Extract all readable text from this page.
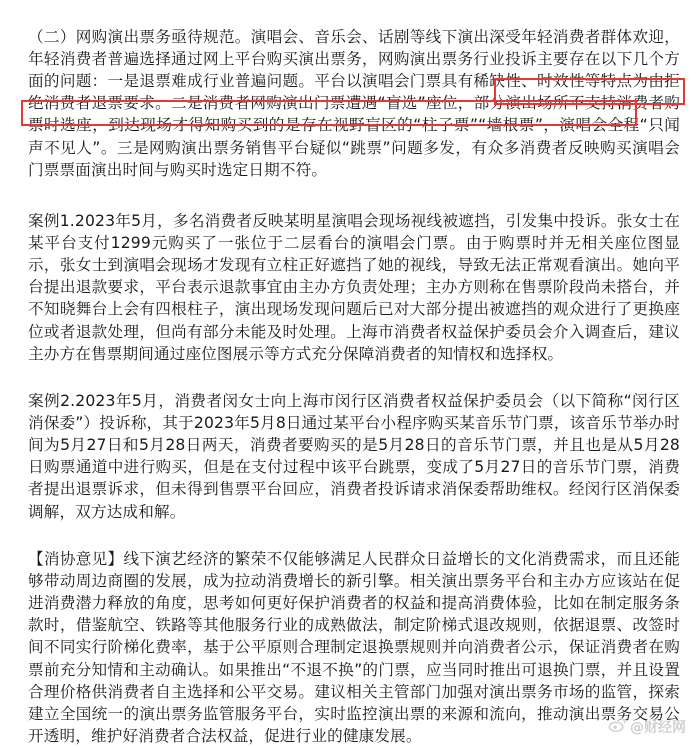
（二）网购演出票务亟待规范。演唱会、音乐会、话剧等线下演出深受年轻消费者群体欢迎，年轻消费者普遍选择通过网上平台购买演出票务，网购演出票务行业投诉主要存在以下几个方面的问题：一是退票难成行业普遍问题。平台以演唱会门票具有稀缺性、时效性等特点为由拒绝消费者退票要求。二是消费者网购演出门票遭遇“盲选”座位，部分演出场所不支持消费者购票时选座，到达现场才得知购买到的是存在视野盲区的“柱子票”“墙根票”，演唱会全程“只闻声不见人”。三是网购演出票务销售平台疑似“跳票”问题多发，有众多消费者反映购买演唱会门票票面演出时间与购买时选定日期不符。

案例1.2023年5月，多名消费者反映某明星演唱会现场视线被遮挡，引发集中投诉。张女士在某平台支付1299元购买了一张位于二层看台的演唱会门票。由于购票时并无相关座位图显示，张女士到演唱会现场才发现有立柱正好遮挡了她的视线，导致无法正常观看演出。她向平台提出退款要求，平台表示退款事宜由主办方负责处理；主办方则称在售票阶段尚未搭台，并不知晓舞台上会有四根柱子，演出现场发现问题后已对大部分提出被遮挡的观众进行了更换座位或者退款处理，但尚有部分未能及时处理。上海市消费者权益保护委员会介入调查后，建议主办方在售票期间通过座位图展示等方式充分保障消费者的知情权和选择权。

案例2.2023年5月，消费者闵女士向上海市闵行区消费者权益保护委员会（以下简称“闵行区消保委”）投诉称，其于2023年5月8日通过某平台小程序购买某音乐节门票，该音乐节举办时间为5月27日和5月28日两天，消费者要购买的是5月28日的音乐节门票，并且也是从5月28日购票通道中进行购买，但是在支付过程中该平台跳票，变成了5月27日的音乐节门票，消费者提出退票诉求，但未得到售票平台回应，消费者投诉请求消保委帮助维权。经闵行区消保委调解，双方达成和解。

【消协意见】线下演艺经济的繁荣不仅能够满足人民群众日益增长的文化消费需求，而且还能够带动周边商圈的发展，成为拉动消费增长的新引擎。相关演出票务平台和主办方应该站在促进消费潜力释放的角度，思考如何更好保护消费者的权益和提高消费体验，比如在制定服务条款时，借鉴航空、铁路等其他服务行业的成熟做法，制定阶梯式退改规则，依据退票、改签时间不同实行阶梯化费率，基于公平原则合理制定退换票规则并向消费者公示，保证消费者在购票前充分知情和主动确认。如果推出“不退不换”的门票，应当同时推出可退换门票，并且设置合理价格供消费者自主选择和公平交易。建议相关主管部门加强对演出票务市场的监管，探索建立全国统一的演出票务监管服务平台，实时监控演出票的来源和流向，推动演出票务交易公开透明，维护好消费者合法权益，促进行业的健康发展。	@财经网
